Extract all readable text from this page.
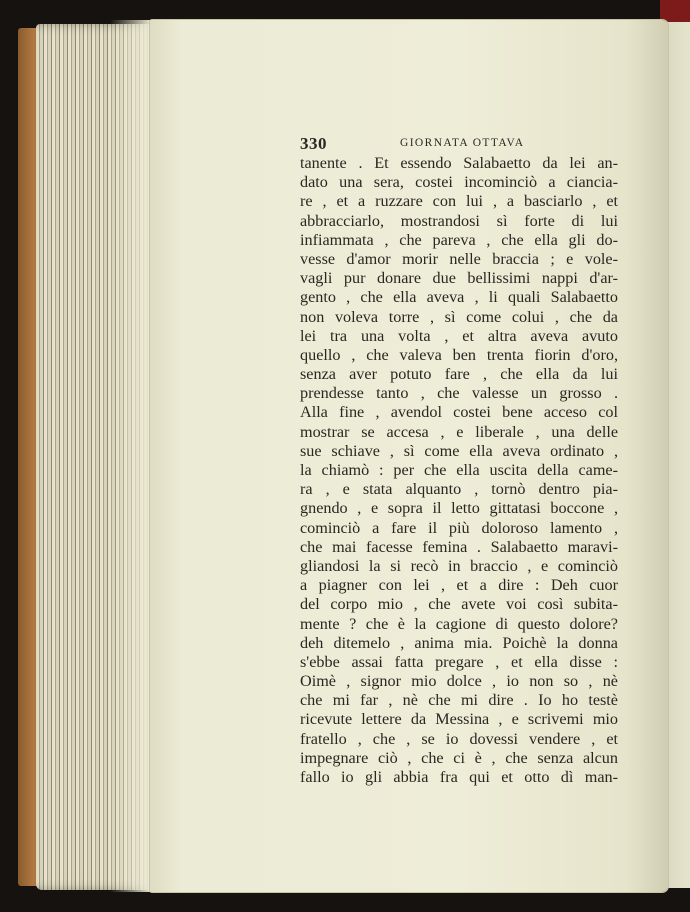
330	GIORNATA OTTAVA
tanente . Et essendo Salabaetto da lei an-
dato una sera, costei incominciò a ciancia-
re , et a ruzzare con lui , a basciarlo , et
abbracciarlo, mostrandosi sì forte di lui
infiammata , che pareva , che ella gli do-
vesse d'amor morir nelle braccia ; e vole-
vagli pur donare due bellissimi nappi d'ar-
gento , che ella aveva , li quali Salabaetto
non voleva torre , sì come colui , che da
lei tra una volta , et altra aveva avuto
quello , che valeva ben trenta fiorin d'oro,
senza aver potuto fare , che ella da lui
prendesse tanto , che valesse un grosso .
Alla fine , avendol costei bene acceso col
mostrar se accesa , e liberale , una delle
sue schiave , sì come ella aveva ordinato ,
la chiamò : per che ella uscita della came-
ra , e stata alquanto , tornò dentro pia-
gnendo , e sopra il letto gittatasi boccone ,
cominciò a fare il più doloroso lamento ,
che mai facesse femina . Salabaetto maravi-
gliandosi la si recò in braccio , e cominciò
a piagner con lei , et a dire : Deh cuor
del corpo mio , che avete voi così subita-
mente ? che è la cagione di questo dolore?
deh ditemelo , anima mia. Poichè la donna
s'ebbe assai fatta pregare , et ella disse :
Oimè , signor mio dolce , io non so , nè
che mi far , nè che mi dire . Io ho testè
ricevute lettere da Messina , e scrivemi mio
fratello , che , se io dovessi vendere , et
impegnare ciò , che ci è , che senza alcun
fallo io gli abbia fra qui et otto dì man-
